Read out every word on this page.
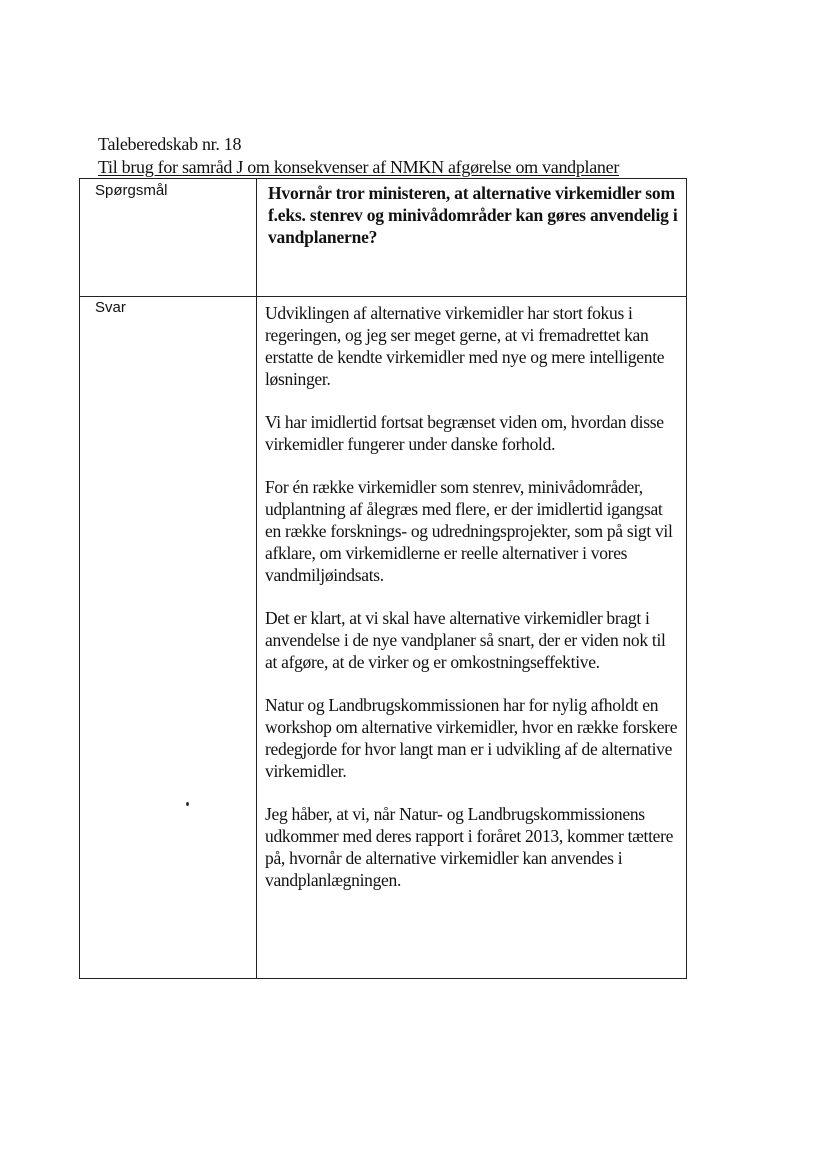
Taleberedskab nr. 18
Til brug for samråd J om konsekvenser af NMKN afgørelse om vandplaner
Spørgsmål	Hvornår tror ministeren, at alternative virkemidler som f.eks. stenrev og minivådområder kan gøres anvendelig i vandplanerne?
Svar	Udviklingen af alternative virkemidler har stort fokus i regeringen, og jeg ser meget gerne, at vi fremadrettet kan erstatte de kendte virkemidler med nye og mere intelligente løsninger.

Vi har imidlertid fortsat begrænset viden om, hvordan disse virkemidler fungerer under danske forhold.

For én række virkemidler som stenrev, minivådområder, udplantning af ålegræs med flere, er der imidlertid igangsat en række forsknings- og udredningsprojekter, som på sigt vil afklare, om virkemidlerne er reelle alternativer i vores vandmiljøindsats.

Det er klart, at vi skal have alternative virkemidler bragt i anvendelse i de nye vandplaner så snart, der er viden nok til at afgøre, at de virker og er omkostningseffektive.

Natur og Landbrugskommissionen har for nylig afholdt en workshop om alternative virkemidler, hvor en række forskere redegjorde for hvor langt man er i udvikling af de alternative virkemidler.

Jeg håber, at vi, når Natur- og Landbrugskommissionens udkommer med deres rapport i foråret 2013, kommer tættere på, hvornår de alternative virkemidler kan anvendes i vandplanlægningen.
